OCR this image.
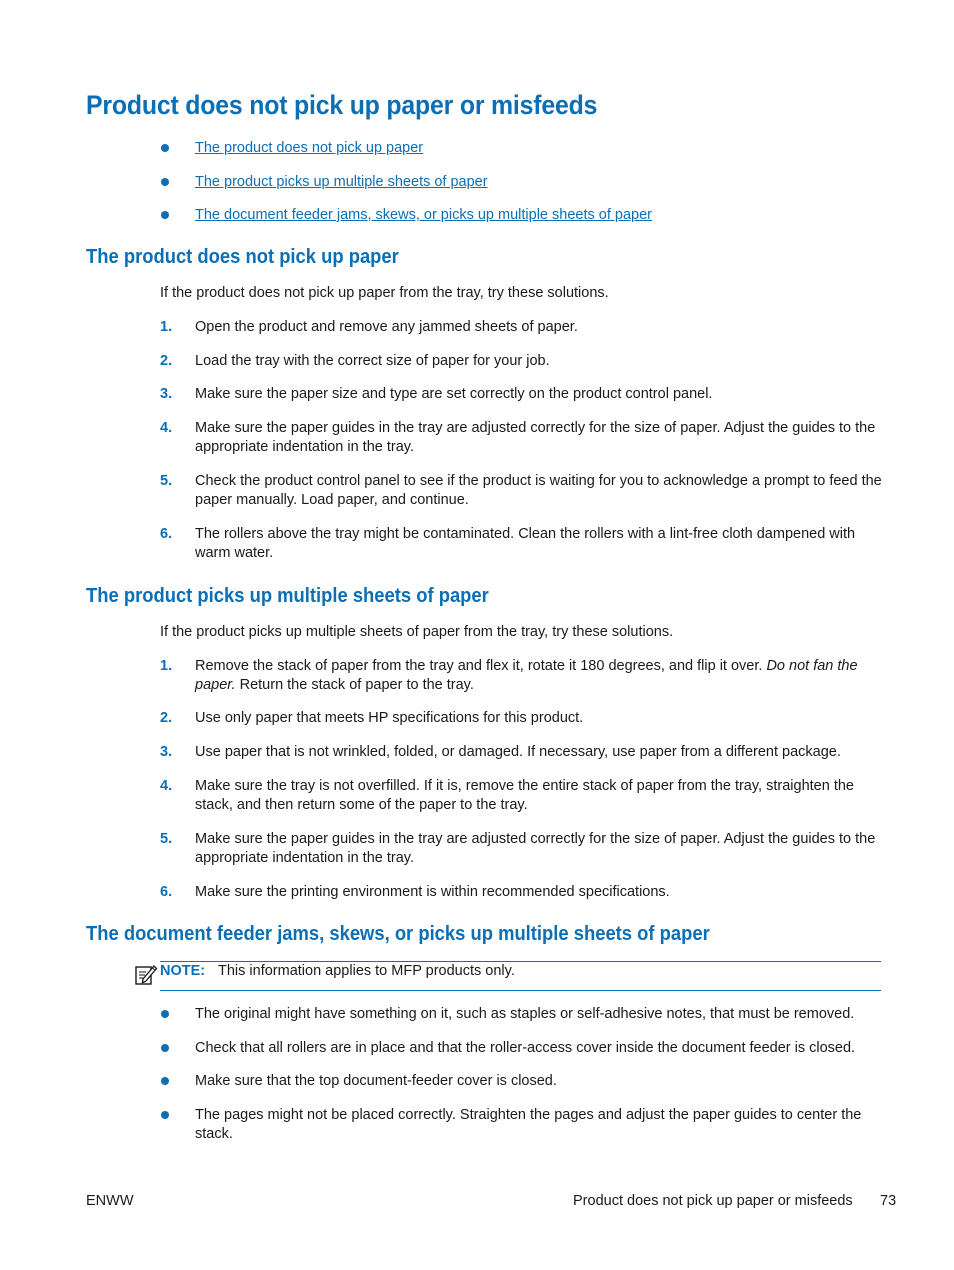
Product does not pick up paper or misfeeds
The product does not pick up paper
The product picks up multiple sheets of paper
The document feeder jams, skews, or picks up multiple sheets of paper
The product does not pick up paper
If the product does not pick up paper from the tray, try these solutions.
1. Open the product and remove any jammed sheets of paper.
2. Load the tray with the correct size of paper for your job.
3. Make sure the paper size and type are set correctly on the product control panel.
4. Make sure the paper guides in the tray are adjusted correctly for the size of paper. Adjust the guides to the appropriate indentation in the tray.
5. Check the product control panel to see if the product is waiting for you to acknowledge a prompt to feed the paper manually. Load paper, and continue.
6. The rollers above the tray might be contaminated. Clean the rollers with a lint-free cloth dampened with warm water.
The product picks up multiple sheets of paper
If the product picks up multiple sheets of paper from the tray, try these solutions.
1. Remove the stack of paper from the tray and flex it, rotate it 180 degrees, and flip it over. Do not fan the paper. Return the stack of paper to the tray.
2. Use only paper that meets HP specifications for this product.
3. Use paper that is not wrinkled, folded, or damaged. If necessary, use paper from a different package.
4. Make sure the tray is not overfilled. If it is, remove the entire stack of paper from the tray, straighten the stack, and then return some of the paper to the tray.
5. Make sure the paper guides in the tray are adjusted correctly for the size of paper. Adjust the guides to the appropriate indentation in the tray.
6. Make sure the printing environment is within recommended specifications.
The document feeder jams, skews, or picks up multiple sheets of paper
NOTE: This information applies to MFP products only.
The original might have something on it, such as staples or self-adhesive notes, that must be removed.
Check that all rollers are in place and that the roller-access cover inside the document feeder is closed.
Make sure that the top document-feeder cover is closed.
The pages might not be placed correctly. Straighten the pages and adjust the paper guides to center the stack.
ENWW	Product does not pick up paper or misfeeds 73
